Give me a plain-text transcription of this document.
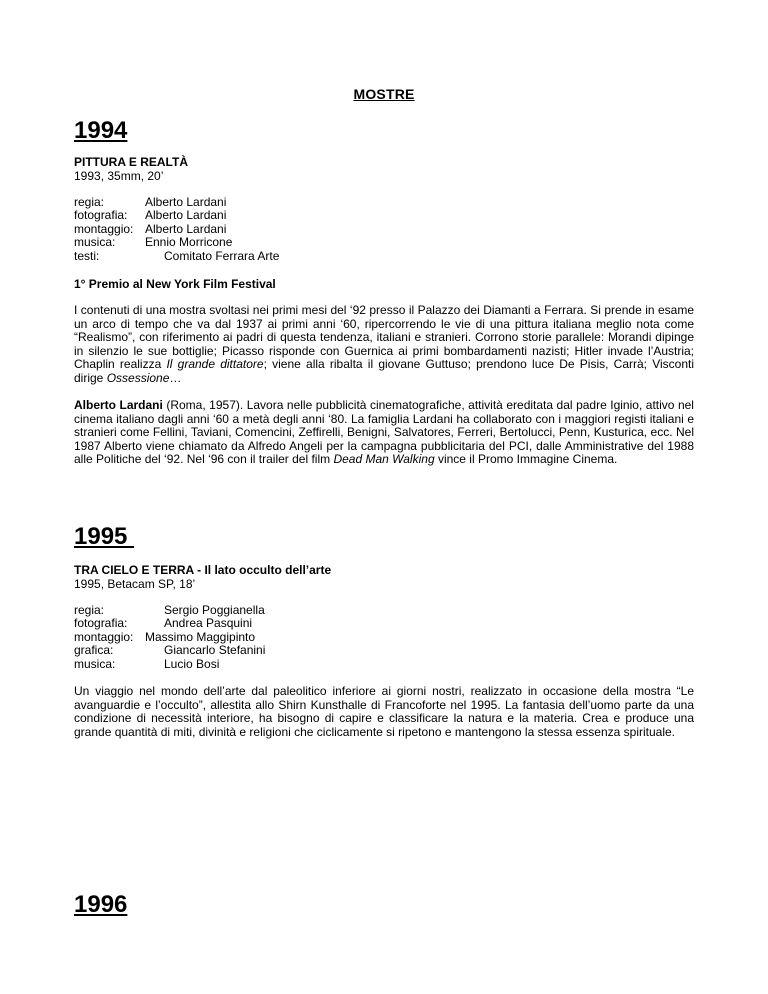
MOSTRE
1994
PITTURA E REALTÀ
1993, 35mm, 20’
regia:	Alberto Lardani
fotografia: Alberto Lardani
montaggio: Alberto Lardani
musica: Ennio Morricone
testi:	Comitato Ferrara Arte
1° Premio al New York Film Festival

I contenuti di una mostra svoltasi nei primi mesi del ‘92 presso il Palazzo dei Diamanti a Ferrara. Si prende in esame un arco di tempo che va dal 1937 ai primi anni ‘60, ripercorrendo le vie di una pittura italiana meglio nota come “Realismo”, con riferimento ai padri di questa tendenza, italiani e stranieri. Corrono storie parallele: Morandi dipinge in silenzio le sue bottiglie; Picasso risponde con Guernica ai primi bombardamenti nazisti; Hitler invade l’Austria; Chaplin realizza Il grande dittatore; viene alla ribalta il giovane Guttuso; prendono luce De Pisis, Carrà; Visconti dirige Ossessione…

Alberto Lardani (Roma, 1957). Lavora nelle pubblicità cinematografiche, attività ereditata dal padre Iginio, attivo nel cinema italiano dagli anni ‘60 a metà degli anni ‘80. La famiglia Lardani ha collaborato con i maggiori registi italiani e stranieri come Fellini, Taviani, Comencini, Zeffirelli, Benigni, Salvatores, Ferreri, Bertolucci, Penn, Kusturica, ecc. Nel 1987 Alberto viene chiamato da Alfredo Angeli per la campagna pubblicitaria del PCI, dalle Amministrative del 1988 alle Politiche del ‘92. Nel ‘96 con il trailer del film Dead Man Walking vince il Promo Immagine Cinema.

1995
TRA CIELO E TERRA - Il lato occulto dell’arte
1995, Betacam SP, 18’
regia:	Sergio Poggianella
fotografia:	Andrea Pasquini
montaggio: Massimo Maggipinto
grafica:	Giancarlo Stefanini
musica:	Lucio Bosi

Un viaggio nel mondo dell’arte dal paleolitico inferiore ai giorni nostri, realizzato in occasione della mostra “Le avanguardie e l’occulto”, allestita allo Shirn Kunsthalle di Francoforte nel 1995. La fantasia dell’uomo parte da una condizione di necessità interiore, ha bisogno di capire e classificare la natura e la materia. Crea e produce una grande quantità di miti, divinità e religioni che ciclicamente si ripetono e mantengono la stessa essenza spirituale.

1996
